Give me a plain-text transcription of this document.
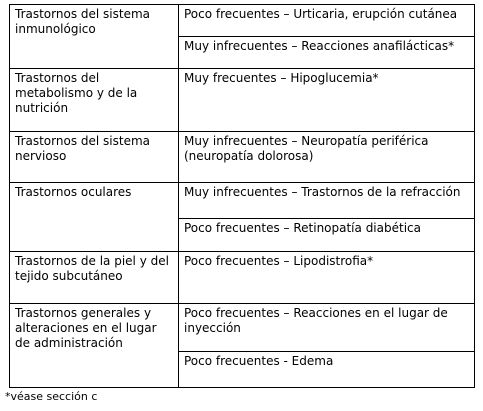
Trastornos del sistema inmunológico	Poco frecuentes – Urticaria, erupción cutánea
	Muy infrecuentes – Reacciones anafilácticas*
Trastornos del metabolismo y de la nutrición	Muy frecuentes – Hipoglucemia*
Trastornos del sistema nervioso	Muy infrecuentes – Neuropatía periférica (neuropatía dolorosa)
Trastornos oculares	Muy infrecuentes – Trastornos de la refracción
	Poco frecuentes – Retinopatía diabética
Trastornos de la piel y del tejido subcutáneo	Poco frecuentes – Lipodistrofia*
Trastornos generales y alteraciones en el lugar de administración	Poco frecuentes – Reacciones en el lugar de inyección
	Poco frecuentes - Edema
*véase sección c
